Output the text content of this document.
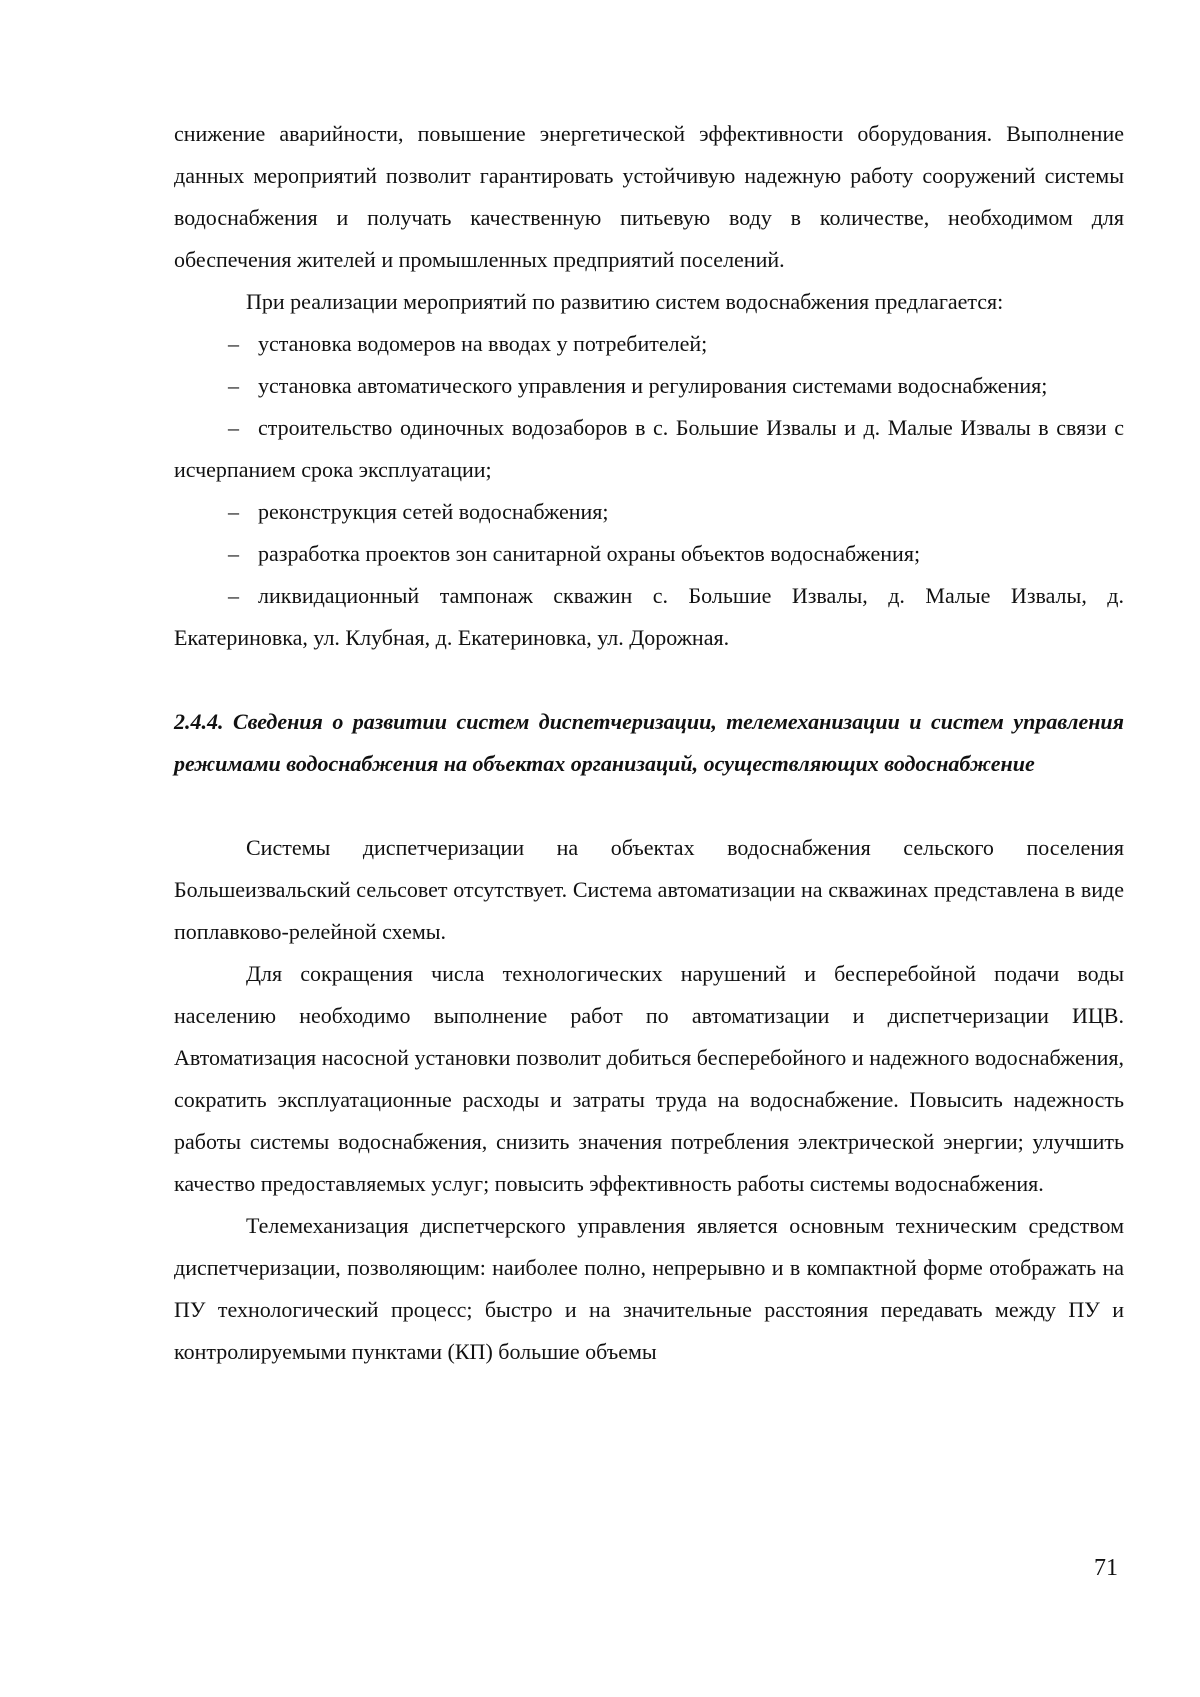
снижение аварийности, повышение энергетической эффективности оборудования. Выполнение данных мероприятий позволит гарантировать устойчивую надежную работу сооружений системы водоснабжения и получать качественную питьевую воду в количестве, необходимом для обеспечения жителей и промышленных предприятий поселений.

При реализации мероприятий по развитию систем водоснабжения предлагается:

– установка водомеров на вводах у потребителей;

– установка автоматического управления и регулирования системами водоснабжения;

– строительство одиночных водозаборов в с. Большие Извалы и д. Малые Извалы в связи с исчерпанием срока эксплуатации;

– реконструкция сетей водоснабжения;

– разработка проектов зон санитарной охраны объектов водоснабжения;

– ликвидационный тампонаж скважин с. Большие Извалы, д. Малые Извалы, д. Екатериновка, ул. Клубная, д. Екатериновка, ул. Дорожная.

2.4.4. Сведения о развитии систем диспетчеризации, телемеханизации и систем управления режимами водоснабжения на объектах организаций, осуществляющих водоснабжение

Системы диспетчеризации на объектах водоснабжения сельского поселения Большеизвальский сельсовет отсутствует. Система автоматизации на скважинах представлена в виде поплавково-релейной схемы.

Для сокращения числа технологических нарушений и бесперебойной подачи воды населению необходимо выполнение работ по автоматизации и диспетчеризации ИЦВ. Автоматизация насосной установки позволит добиться бесперебойного и надежного водоснабжения, сократить эксплуатационные расходы и затраты труда на водоснабжение. Повысить надежность работы системы водоснабжения, снизить значения потребления электрической энергии; улучшить качество предоставляемых услуг; повысить эффективность работы системы водоснабжения.

Телемеханизация диспетчерского управления является основным техническим средством диспетчеризации, позволяющим: наиболее полно, непрерывно и в компактной форме отображать на ПУ технологический процесс; быстро и на значительные расстояния передавать между ПУ и контролируемыми пунктами (КП) большие объемы

71
